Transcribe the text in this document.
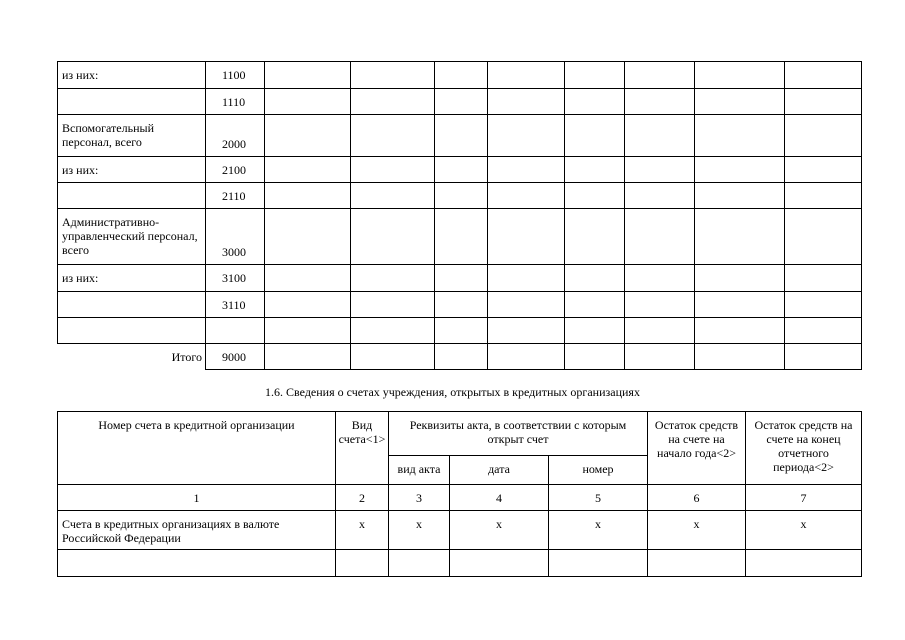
из них:	1100								
	1110								
Вспомогательный персонал, всего	2000								
из них:	2100								
	2110								
Административно-управленческий персонал, всего	3000								
из них:	3100								
	3110								

Итого	9000								
1.6. Сведения о счетах учреждения, открытых в кредитных организациях
Номер счета в кредитной организации	Вид счета<1>	Реквизиты акта, в соответствии с которым открыт счет			Остаток средств на счете на начало года<2>	Остаток средств на счете на конец отчетного периода<2>
		вид акта	дата	номер		
1	2	3	4	5	6	7
Счета в кредитных организациях в валюте Российской Федерации	x	x	x	x	x	x
